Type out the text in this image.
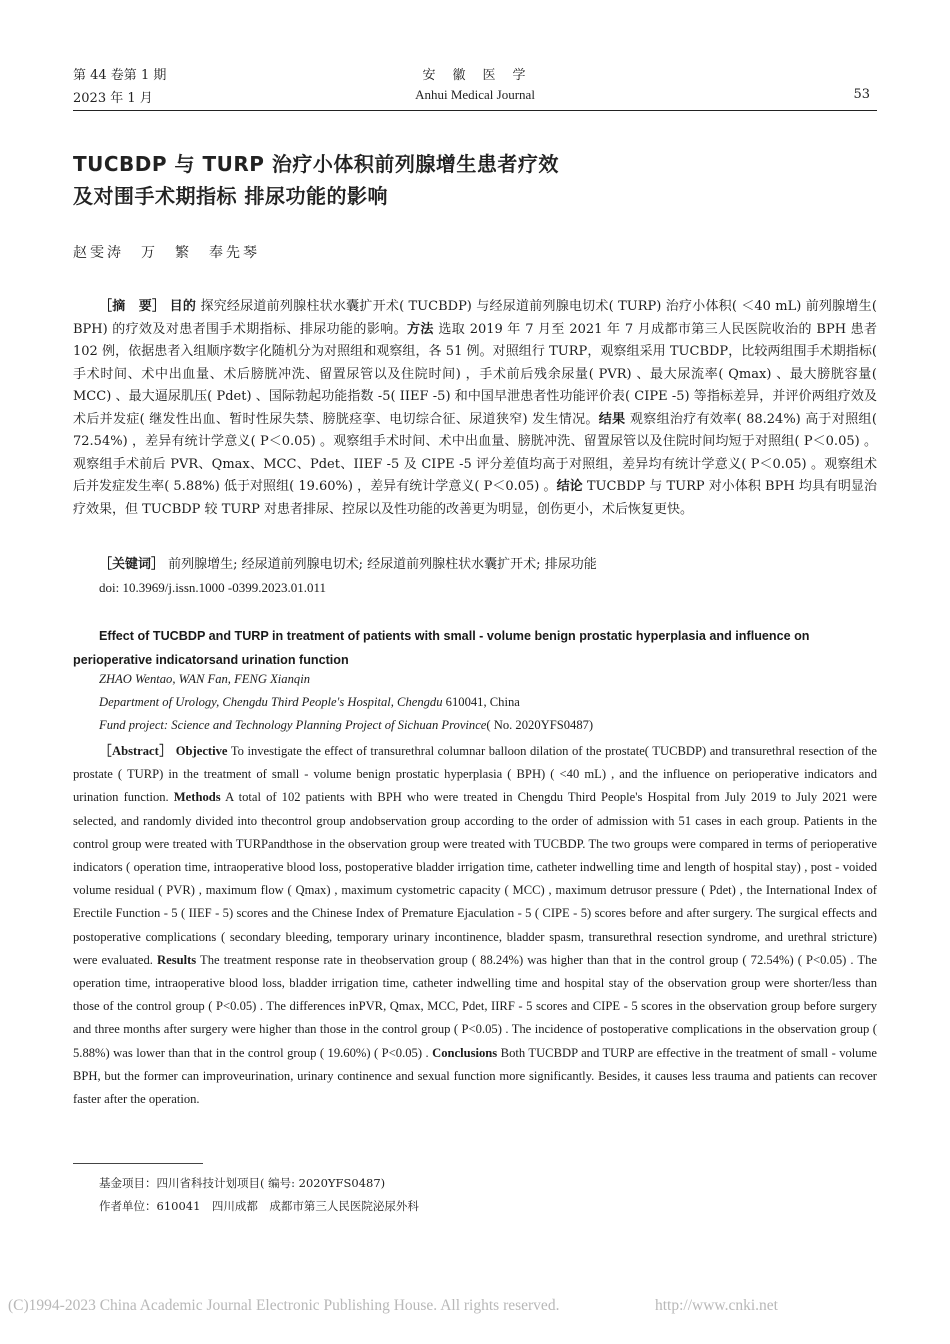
第 44 卷第 1 期
2023 年 1 月
安　徽　医　学
Anhui Medical Journal	53
TUCBDP 与 TURP 治疗小体积前列腺增生患者疗效
及对围手术期指标 排尿功能的影响
赵雯涛　万　繁　奉先琴
［摘　要］ 目的 探究经尿道前列腺柱状水囊扩开术( TUCBDP) 与经尿道前列腺电切术( TURP) 治疗小体积( ＜40 mL) 前列腺增生( BPH) 的疗效及对患者围手术期指标、排尿功能的影响。方法 选取 2019 年 7 月至 2021 年 7 月成都市第三人民医院收治的 BPH 患者 102 例，依据患者入组顺序数字化随机分为对照组和观察组，各 51 例。对照组行 TURP，观察组采用 TUCBDP，比较两组围手术期指标( 手术时间、术中出血量、术后膀胱冲洗、留置尿管以及住院时间) ，手术前后残余尿量( PVR) 、最大尿流率( Qmax) 、最大膀胱容量( MCC) 、最大逼尿肌压( Pdet) 、国际勃起功能指数 -5( IIEF -5) 和中国早泄患者性功能评价表( CIPE -5) 等指标差异，并评价两组疗效及术后并发症( 继发性出血、暂时性尿失禁、膀胱痉挛、电切综合征、尿道狭窄) 发生情况。结果 观察组治疗有效率( 88.24%) 高于对照组( 72.54%) ，差异有统计学意义( P＜0.05) 。观察组手术时间、术中出血量、膀胱冲洗、留置尿管以及住院时间均短于对照组( P＜0.05) 。观察组手术前后 PVR、Qmax、MCC、Pdet、IIEF -5 及 CIPE -5 评分差值均高于对照组，差异均有统计学意义( P＜0.05) 。观察组术后并发症发生率( 5.88%) 低于对照组( 19.60%) ，差异有统计学意义( P＜0.05) 。结论 TUCBDP 与 TURP 对小体积 BPH 均具有明显治疗效果，但 TUCBDP 较 TURP 对患者排尿、控尿以及性功能的改善更为明显，创伤更小，术后恢复更快。
［关键词］ 前列腺增生; 经尿道前列腺电切术; 经尿道前列腺柱状水囊扩开术; 排尿功能
doi: 10.3969/j.issn.1000 -0399.2023.01.011
Effect of TUCBDP and TURP in treatment of patients with small - volume benign prostatic hyperplasia and influence on perioperative indicatorsand urination function
ZHAO Wentao, WAN Fan, FENG Xianqin
Department of Urology, Chengdu Third People's Hospital, Chengdu 610041, China
Fund project: Science and Technology Planning Project of Sichuan Province( No. 2020YFS0487)
［Abstract］ Objective To investigate the effect of transurethral columnar balloon dilation of the prostate( TUCBDP) and transurethral resection of the prostate ( TURP) in the treatment of small - volume benign prostatic hyperplasia ( BPH) ( <40 mL) , and the influence on perioperative indicators and urination function. Methods A total of 102 patients with BPH who were treated in Chengdu Third People's Hospital from July 2019 to July 2021 were selected, and randomly divided into thecontrol group andobservation group according to the order of admission with 51 cases in each group. Patients in the control group were treated with TURPandthose in the observation group were treated with TUCBDP. The two groups were compared in terms of perioperative indicators ( operation time, intraoperative blood loss, postoperative bladder irrigation time, catheter indwelling time and length of hospital stay) , post - voided volume residual ( PVR) , maximum flow ( Qmax) , maximum cystometric capacity ( MCC) , maximum detrusor pressure ( Pdet) , the International Index of Erectile Function - 5 ( IIEF - 5) scores and the Chinese Index of Premature Ejaculation - 5 ( CIPE - 5) scores before and after surgery. The surgical effects and postoperative complications ( secondary bleeding, temporary urinary incontinence, bladder spasm, transurethral resection syndrome, and urethral stricture) were evaluated. Results The treatment response rate in theobservation group ( 88.24%) was higher than that in the control group ( 72.54%) ( P<0.05) . The operation time, intraoperative blood loss, bladder irrigation time, catheter indwelling time and hospital stay of the observation group were shorter/less than those of the control group ( P<0.05) . The differences inPVR, Qmax, MCC, Pdet, IIRF - 5 scores and CIPE - 5 scores in the observation group before surgery and three months after surgery were higher than those in the control group ( P<0.05) . The incidence of postoperative complications in the observation group ( 5.88%) was lower than that in the control group ( 19.60%) ( P<0.05) . Conclusions Both TUCBDP and TURP are effective in the treatment of small - volume BPH, but the former can improveurination, urinary continence and sexual function more significantly. Besides, it causes less trauma and patients can recover faster after the operation.
基金项目：四川省科技计划项目( 编号: 2020YFS0487)
作者单位：610041　四川成都　成都市第三人民医院泌尿外科
(C)1994-2023 China Academic Journal Electronic Publishing House. All rights reserved.	http://www.cnki.net
